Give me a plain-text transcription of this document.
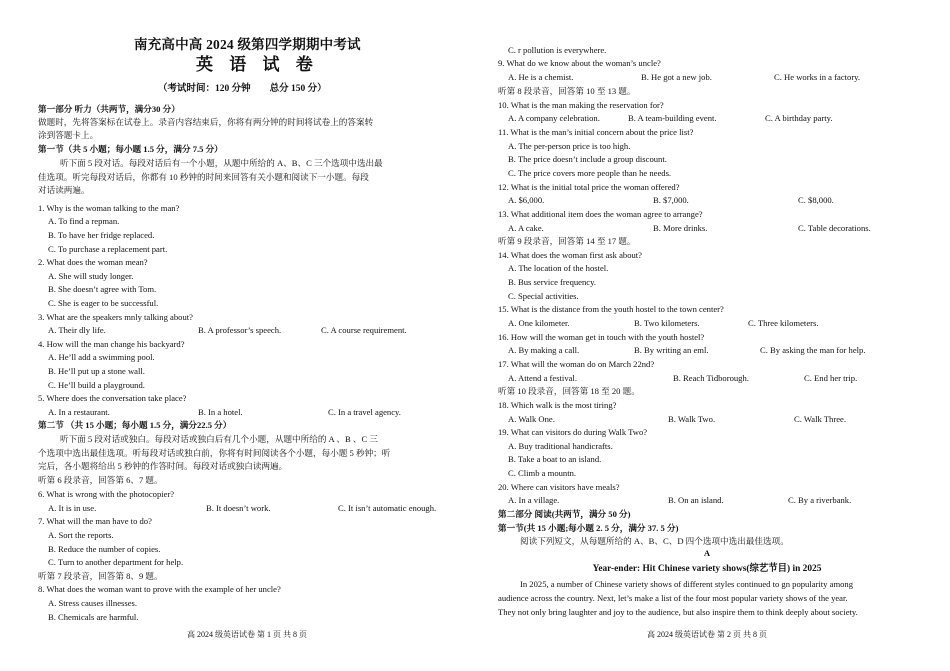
南充高中高 2024 级第四学期期中考试
英 语 试 卷
（考试时间：120 分钟　　总分 150 分）
第一部分 听力（共两节，满分30 分）
做题时，先将答案标在试卷上。录音内容结束后，你将有两分钟的时间将试卷上的答案转
涂到答题卡上。
第一节（共 5 小题；每小题 1.5 分，满分 7.5 分）
听下面 5 段对话。每段对话后有一个小题，从题中所给的 A、B、C 三个选项中选出最
佳选项。听完每段对话后，你都有 10 秒钟的时间来回答有关小题和阅读下一小题。每段
对话读两遍。
1. Why is the woman talking to the man?
A. To find a repman.
B. To have her fridge replaced.
C. To purchase a replacement part.
2. What does the woman mean?
A. She will study longer.
B. She doesn’t agree with Tom.
C. She is eager to be successful.
3. What are the speakers mnly talking about?
A. Their dly life.	B. A professor’s speech.	C. A course requirement.
4. How will the man change his backyard?
A. He’ll add a swimming pool.
B. He’ll put up a stone wall.
C. He’ll build a playground.
5. Where does the conversation take place?
A. In a restaurant.	B. In a hotel.	C. In a travel agency.
第二节 （共 15 小题；每小题 1.5 分，满分22.5 分）
听下面 5 段对话或独白。每段对话或独白后有几个小题，从题中所给的 A 、B 、C 三
个选项中选出最佳选项。听每段对话或独白前，你将有时间阅读各个小题，每小题 5 秒钟；听
完后，各小题将给出 5 秒钟的作答时间。每段对话或独白读两遍。
听第 6 段录音，回答第 6、7 题。
6. What is wrong with the photocopier?
A. It is in use.	B. It doesn’t work.	C. It isn’t automatic enough.
7. What will the man have to do?
A. Sort the reports.
B. Reduce the number of copies.
C. Turn to another department for help.
听第 7 段录音，回答第 8、9 题。
8. What does the woman want to prove with the example of her uncle?
A. Stress causes illnesses.
B. Chemicals are harmful.
高 2024 级英语试卷 第 1 页 共 8 页
C. r pollution is everywhere.
9. What do we know about the woman’s uncle?
A. He is a chemist.	B. He got a new job.	C. He works in a factory.
听第 8 段录音，回答第 10 至 13 题。
10. What is the man making the reservation for?
A. A company celebration.	B. A team-building event.	C. A birthday party.
11. What is the man’s initial concern about the price list?
A. The per-person price is too high.
B. The price doesn’t include a group discount.
C. The price covers more people than he needs.
12. What is the initial total price the woman offered?
A. $6,000.	B. $7,000.	C. $8,000.
13. What additional item does the woman agree to arrange?
A. A cake.	B. More drinks.	C. Table decorations.
听第 9 段录音，回答第 14 至 17 题。
14. What does the woman first ask about?
A. The location of the hostel.
B. Bus service frequency.
C. Special activities.
15. What is the distance from the youth hostel to the town center?
A. One kilometer.	B. Two kilometers.	C. Three kilometers.
16. How will the woman get in touch with the youth hostel?
A. By making a call.	B. By writing an eml.	C. By asking the man for help.
17. What will the woman do on March 22nd?
A. Attend a festival.	B. Reach Tidborough.	C. End her trip.
听第 10 段录音，回答第 18 至 20 题。
18. Which walk is the most tiring?
A. Walk One.	B. Walk Two.	C. Walk Three.
19. What can visitors do during Walk Two?
A. Buy traditional handicrafts.
B. Take a boat to an island.
C. Climb a mountn.
20. Where can visitors have meals?
A. In a village.	B. On an island.	C. By a riverbank.
第二部分 阅读(共两节，满分 50 分)
第一节(共 15 小题;每小题 2. 5 分，满分 37. 5 分)
阅读下列短文，从每题所给的 A、B、C、D 四个选项中选出最佳选项。
A
Year-ender: Hit Chinese variety shows(综艺节目) in 2025
In 2025, a number of Chinese variety shows of different styles continued to gn popularity among
audience across the country. Next, let’s make a list of the four most popular variety shows of the year.
They not only bring laughter and joy to the audience, but also inspire them to think deeply about society.
高 2024 级英语试卷 第 2 页 共 8 页
